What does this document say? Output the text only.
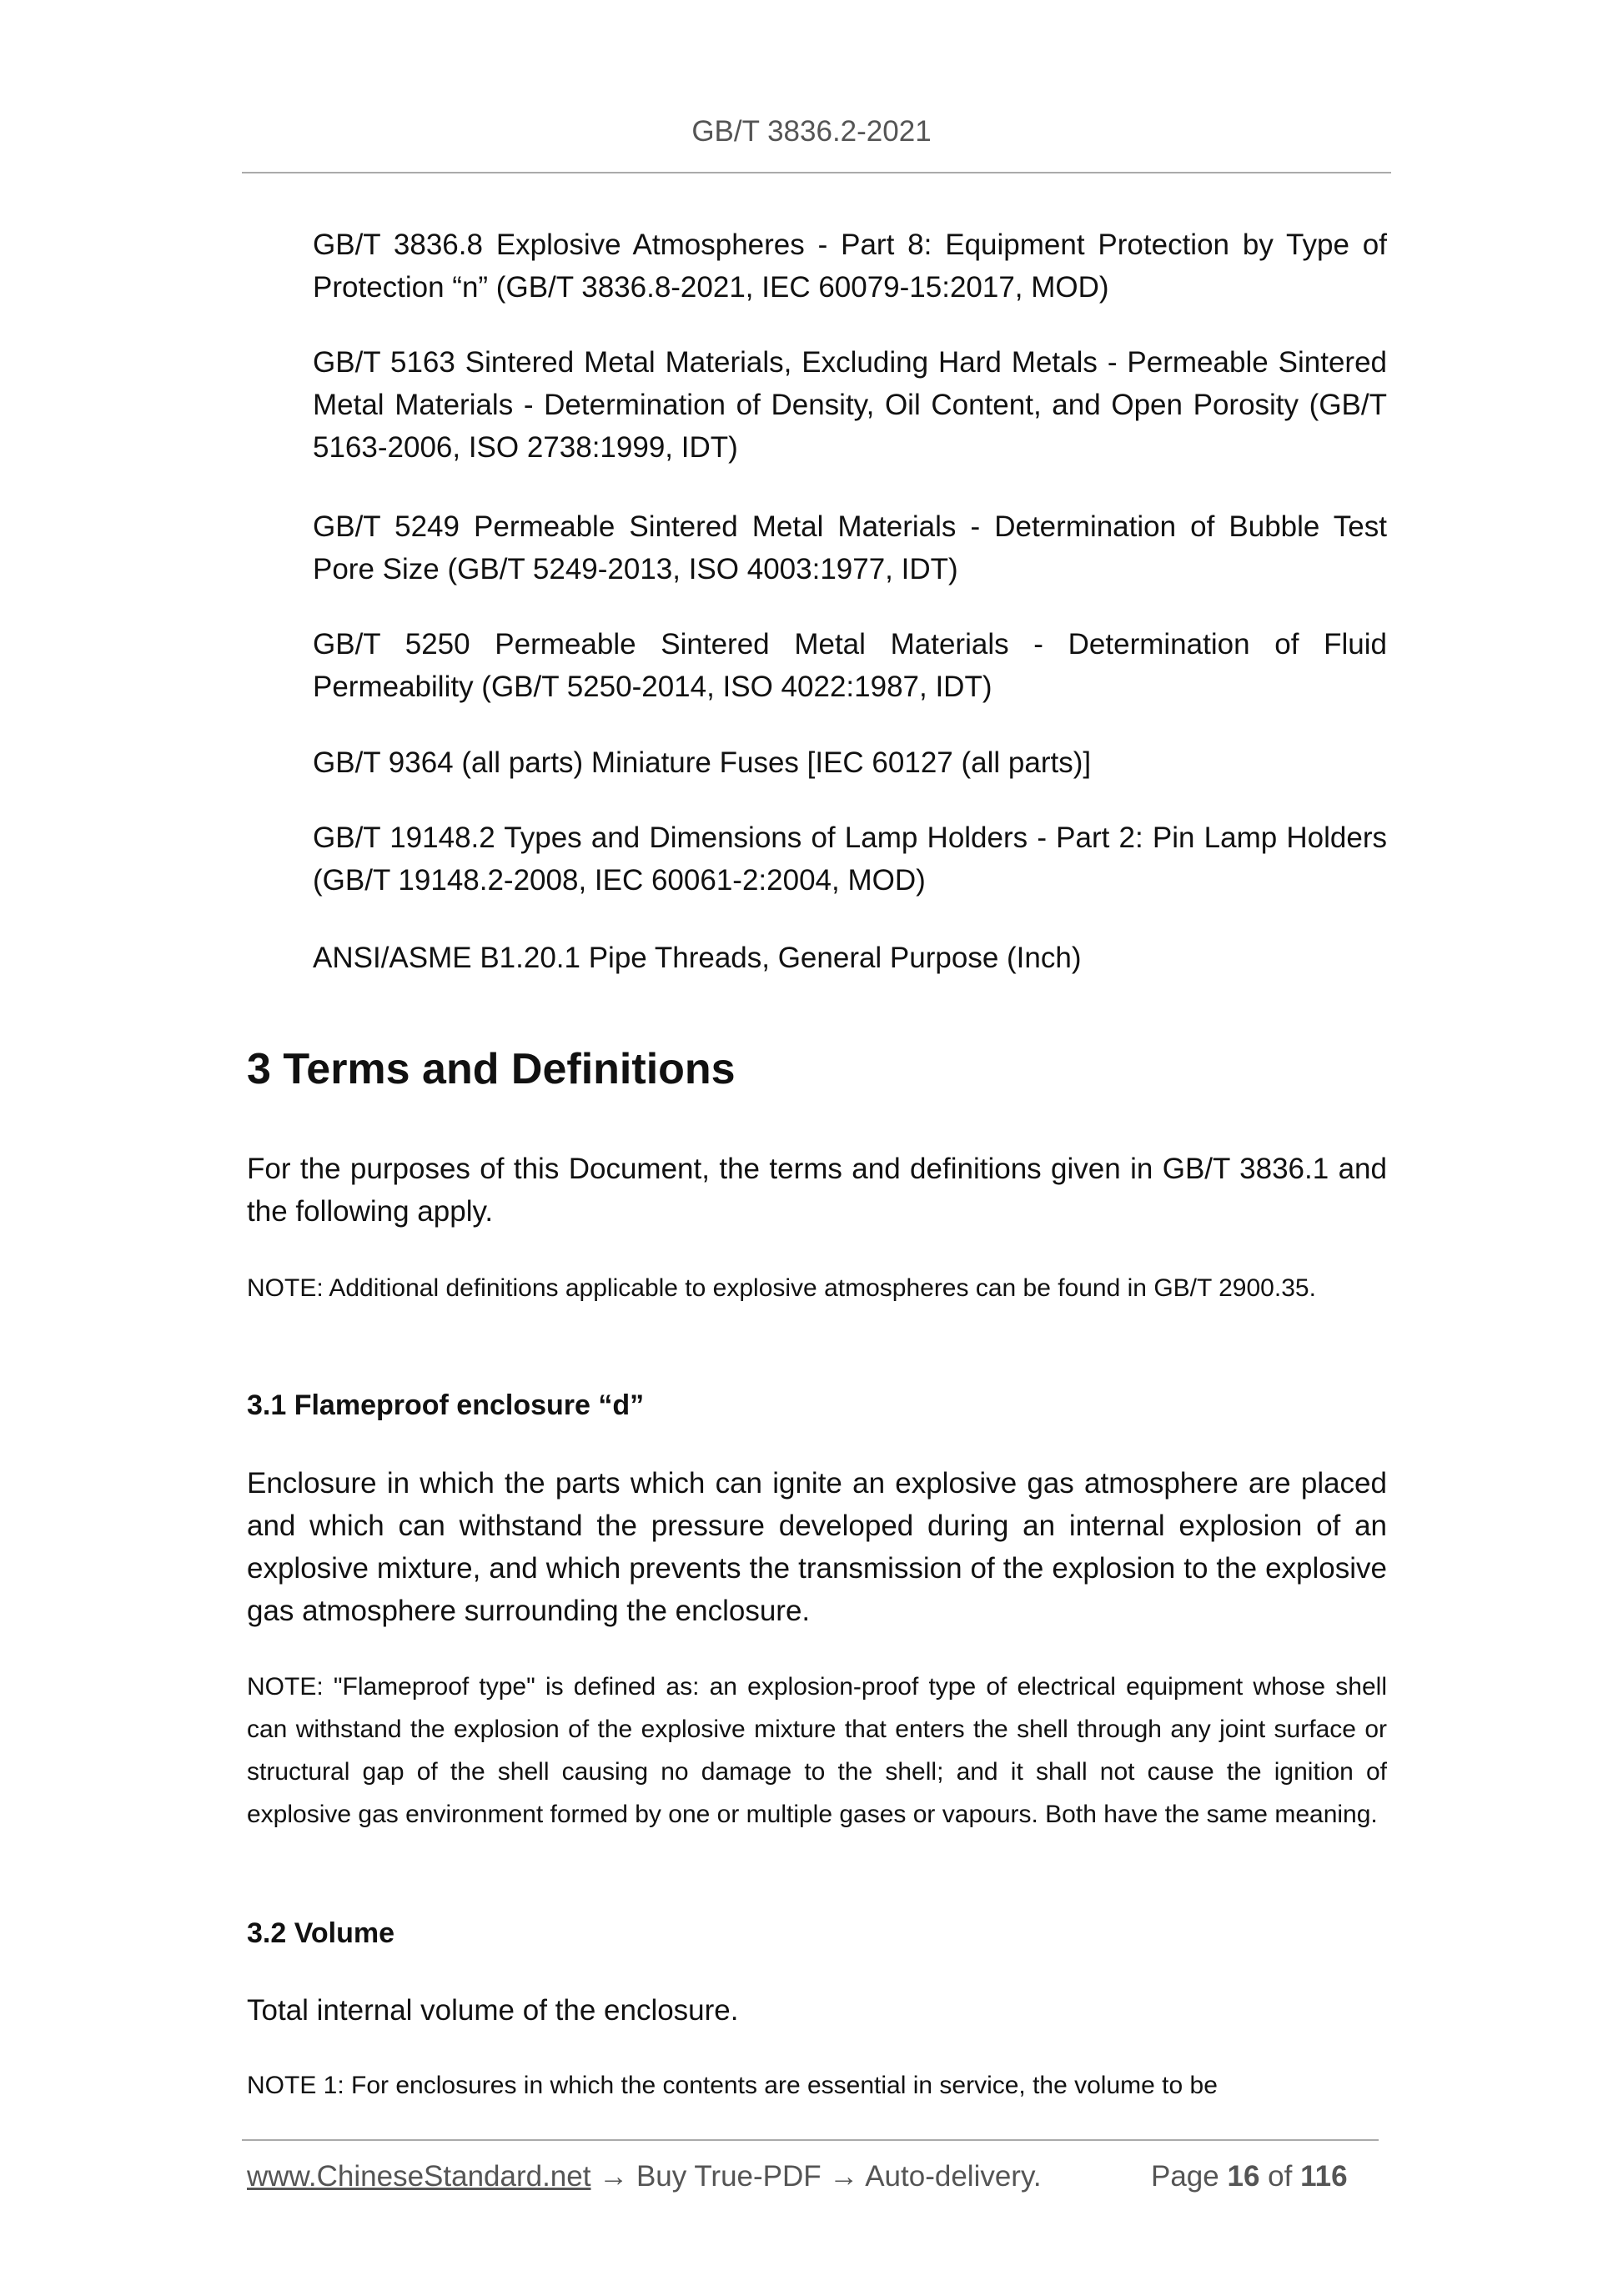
GB/T 3836.2-2021
GB/T 3836.8 Explosive Atmospheres - Part 8: Equipment Protection by Type of Protection “n” (GB/T 3836.8-2021, IEC 60079-15:2017, MOD)
GB/T 5163 Sintered Metal Materials, Excluding Hard Metals - Permeable Sintered Metal Materials - Determination of Density, Oil Content, and Open Porosity (GB/T 5163-2006, ISO 2738:1999, IDT)
GB/T 5249 Permeable Sintered Metal Materials - Determination of Bubble Test Pore Size (GB/T 5249-2013, ISO 4003:1977, IDT)
GB/T 5250 Permeable Sintered Metal Materials - Determination of Fluid Permeability (GB/T 5250-2014, ISO 4022:1987, IDT)
GB/T 9364 (all parts) Miniature Fuses [IEC 60127 (all parts)]
GB/T 19148.2 Types and Dimensions of Lamp Holders - Part 2: Pin Lamp Holders (GB/T 19148.2-2008, IEC 60061-2:2004, MOD)
ANSI/ASME B1.20.1 Pipe Threads, General Purpose (Inch)
3 Terms and Definitions
For the purposes of this Document, the terms and definitions given in GB/T 3836.1 and the following apply.
NOTE: Additional definitions applicable to explosive atmospheres can be found in GB/T 2900.35.
3.1 Flameproof enclosure “d”
Enclosure in which the parts which can ignite an explosive gas atmosphere are placed and which can withstand the pressure developed during an internal explosion of an explosive mixture, and which prevents the transmission of the explosion to the explosive gas atmosphere surrounding the enclosure.
NOTE: "Flameproof type" is defined as: an explosion-proof type of electrical equipment whose shell can withstand the explosion of the explosive mixture that enters the shell through any joint surface or structural gap of the shell causing no damage to the shell; and it shall not cause the ignition of explosive gas environment formed by one or multiple gases or vapours. Both have the same meaning.
3.2 Volume
Total internal volume of the enclosure.
NOTE 1: For enclosures in which the contents are essential in service, the volume to be
www.ChineseStandard.net → Buy True-PDF → Auto-delivery.	Page 16 of 116
